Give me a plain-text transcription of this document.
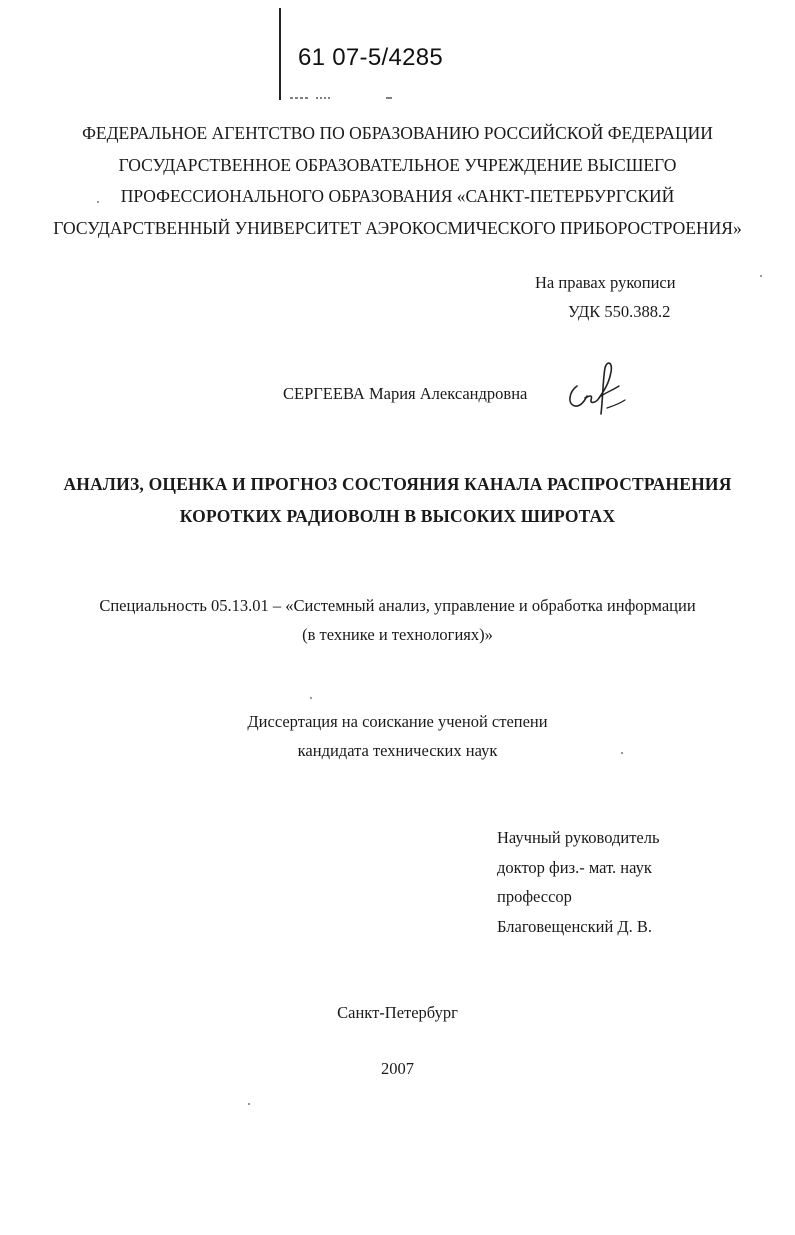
61 07-5/4285
ФЕДЕРАЛЬНОЕ АГЕНТСТВО ПО ОБРАЗОВАНИЮ РОССИЙСКОЙ ФЕДЕРАЦИИ
ГОСУДАРСТВЕННОЕ ОБРАЗОВАТЕЛЬНОЕ УЧРЕЖДЕНИЕ ВЫСШЕГО
ПРОФЕССИОНАЛЬНОГО ОБРАЗОВАНИЯ «САНКТ-ПЕТЕРБУРГСКИЙ
ГОСУДАРСТВЕННЫЙ УНИВЕРСИТЕТ АЭРОКОСМИЧЕСКОГО ПРИБОРОСТРОЕНИЯ»
На правах рукописи
УДК 550.388.2
СЕРГЕЕВА Мария Александровна
АНАЛИЗ, ОЦЕНКА И ПРОГНОЗ СОСТОЯНИЯ КАНАЛА РАСПРОСТРАНЕНИЯ
КОРОТКИХ РАДИОВОЛН В ВЫСОКИХ ШИРОТАХ
Специальность 05.13.01 – «Системный анализ, управление и обработка информации
(в технике и технологиях)»
Диссертация на соискание ученой степени
кандидата технических наук
Научный руководитель
доктор физ.- мат. наук
профессор
Благовещенский Д. В.
Санкт-Петербург
2007
